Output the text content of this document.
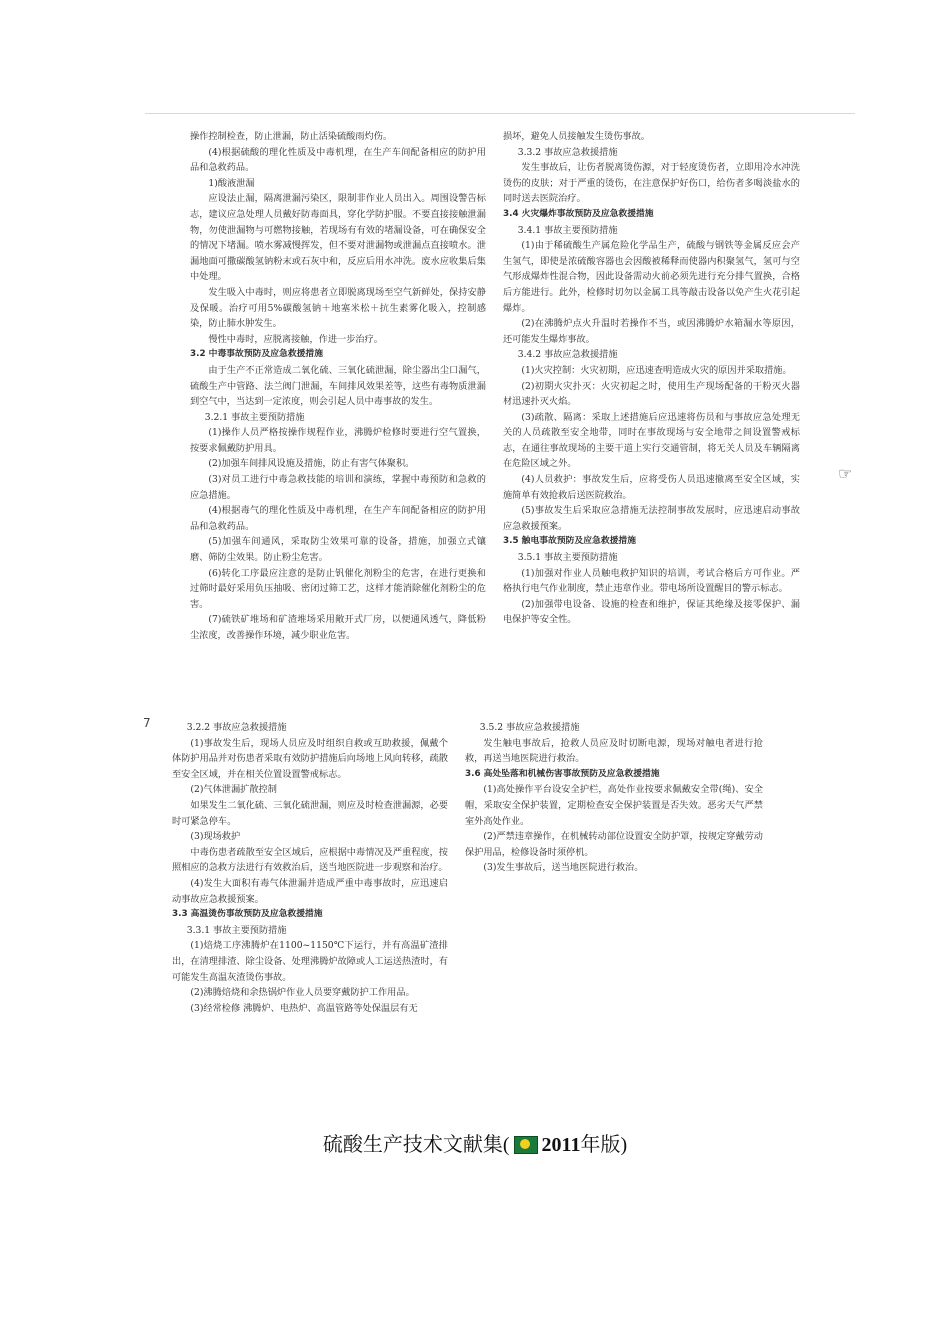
操作控制检查，防止泄漏，防止活染硫酸雨灼伤。

(4)根据硫酸的理化性质及中毒机理，在生产车间配备相应的防护用品和急救药品。

1)酸液泄漏

应设法止漏，隔离泄漏污染区，限制非作业人员出入。周围设警告标志，建议应急处理人员戴好防毒面具，穿化学防护服。不要直接接触泄漏物，勿使泄漏物与可燃物接触，若现场有有效的堵漏设备，可在确保安全的情况下堵漏。喷水雾减慢挥发，但不要对泄漏物或泄漏点直接喷水。泄漏地面可撒碳酸氢钠粉末或石灰中和，反应后用水冲洗。废水应收集后集中处理。

发生吸入中毒时，则应将患者立即脱离现场至空气新鲜处，保持安静及保暖。治疗可用5%碳酸氢钠＋地塞米松＋抗生素雾化吸入，控制感染，防止肺水肿发生。

慢性中毒时，应脱离接触，作进一步治疗。

3.2 中毒事故预防及应急救援措施

由于生产不正常造成二氧化硫、三氧化硫泄漏，除尘器出尘口漏气，硫酸生产中管路、法兰阀门泄漏，车间排风效果差等，这些有毒物质泄漏到空气中，当达到一定浓度，则会引起人员中毒事故的发生。

3.2.1 事故主要预防措施

(1)操作人员严格按操作规程作业，沸腾炉检修时要进行空气置换，按要求佩戴防护用具。

(2)加强车间排风设施及措施，防止有害气体聚积。

(3)对员工进行中毒急救技能的培训和演练，掌握中毒预防和急救的应急措施。

(4)根据毒气的理化性质及中毒机理，在生产车间配备相应的防护用品和急救药品。

(5)加强车间通风，采取防尘效果可靠的设备，措施，加强立式镶磨、筛防尘效果。防止粉尘危害。

(6)转化工序最应注意的是防止钒催化剂粉尘的危害，在进行更换和过筛时最好采用负压抽吸、密闭过筛工艺，这样才能消除催化剂粉尘的危害。

(7)硫铁矿堆场和矿渣堆场采用敞开式厂房，以便通风透气，降低粉尘浓度，改善操作环境，减少职业危害。

损坏，避免人员接触发生烫伤事故。

3.3.2 事故应急救援措施

发生事故后，让伤者脱离烫伤源，对于轻度烫伤者，立即用冷水冲洗烫伤的皮肤；对于严重的烫伤，在注意保护好伤口，给伤者多喝淡盐水的同时送去医院治疗。

3.4 火灾爆炸事故预防及应急救援措施

3.4.1 事故主要预防措施

(1)由于稀硫酸生产属危险化学品生产，硫酸与钢铁等金属反应会产生氢气，即使是浓硫酸容器也会因酸被稀释而使器内积聚氢气，氢可与空气形成爆炸性混合物，因此设备需动火前必须先进行充分排气置换，合格后方能进行。此外，检修时切勿以金属工具等敲击设备以免产生火花引起爆炸。

(2)在沸腾炉点火升温时若操作不当，或因沸腾炉水箱漏水等原因，还可能发生爆炸事故。

3.4.2 事故应急救援措施

(1)火灾控制：火灾初期，应迅速查明造成火灾的原因并采取措施。

(2)初期火灾扑灭：火灾初起之时，使用生产现场配备的干粉灭火器材迅速扑灭火焰。

(3)疏散、隔离：采取上述措施后应迅速将伤员和与事故应急处理无关的人员疏散至安全地带，同时在事故现场与安全地带之间设置警戒标志，在通往事故现场的主要干道上实行交通管制，将无关人员及车辆隔离在危险区域之外。

(4)人员救护：事故发生后，应将受伤人员迅速撤离至安全区域，实施简单有效抢救后送医院救治。

(5)事故发生后采取应急措施无法控制事故发展时，应迅速启动事故应急救援预案。

3.5 触电事故预防及应急救援措施

3.5.1 事故主要预防措施

(1)加强对作业人员触电救护知识的培训，考试合格后方可作业。严格执行电气作业制度，禁止违章作业。带电场所设置醒目的警示标志。

(2)加强带电设备、设施的检查和维护，保证其绝缘及接零保护、漏电保护等安全性。

7	3.2.2 事故应急救援措施

(1)事故发生后，现场人员应及时组织自救或互助救援，佩戴个体防护用品并对伤患者采取有效防护措施后向场地上风向转移，疏散至安全区域，并在相关位置设置警戒标志。

(2)气体泄漏扩散控制

如果发生二氧化硫、三氧化硫泄漏，则应及时检查泄漏源，必要时可紧急停车。

(3)现场救护

中毒伤患者疏散至安全区域后，应根据中毒情况及严重程度，按照相应的急救方法进行有效救治后，送当地医院进一步观察和治疗。

(4)发生大面积有毒气体泄漏并造成严重中毒事故时，应迅速启动事故应急救援预案。

3.3 高温烫伤事故预防及应急救援措施

3.3.1 事故主要预防措施

(1)焙烧工序沸腾炉在1100~1150℃下运行，并有高温矿渣排出，在清理排渣、除尘设备、处理沸腾炉故障或人工运送热渣时，有可能发生高温灰渣烫伤事故。

(2)沸腾焙烧和余热锅炉作业人员要穿戴防护工作用品。

(3)经常检修 沸腾炉、电热炉、高温管路等处保温层有无

3.5.2 事故应急救援措施

发生触电事故后，抢救人员应及时切断电源，现场对触电者进行抢救，再送当地医院进行救治。

3.6 高处坠落和机械伤害事故预防及应急救援措施

(1)高处操作平台设安全护栏，高处作业按要求佩戴安全带(绳)、安全帽，采取安全保护装置，定期检查安全保护装置是否失效。恶劣天气严禁室外高处作业。

(2)严禁违章操作，在机械转动部位设置安全防护罩，按规定穿戴劳动保护用品，检修设备时须停机。

(3)发生事故后，送当地医院进行救治。

☞
硫酸生产技术文献集( 2011年版)
